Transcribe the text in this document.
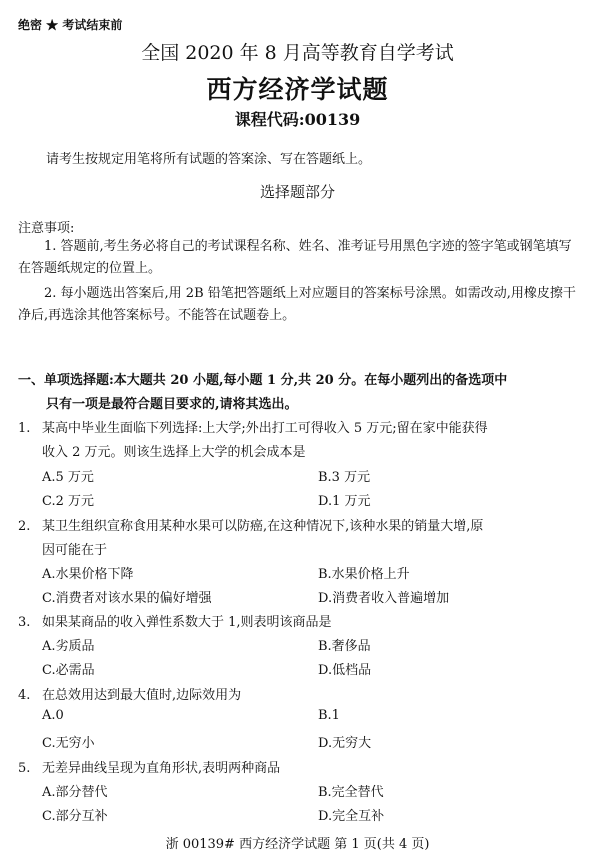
绝密 ★ 考试结束前
全国 2020 年 8 月高等教育自学考试
西方经济学试题
课程代码:00139
请考生按规定用笔将所有试题的答案涂、写在答题纸上。
选择题部分
注意事项:
1. 答题前,考生务必将自己的考试课程名称、姓名、准考证号用黑色字迹的签字笔或钢笔填写在答题纸规定的位置上。
2. 每小题选出答案后,用 2B 铅笔把答题纸上对应题目的答案标号涂黑。如需改动,用橡皮擦干净后,再选涂其他答案标号。不能答在试题卷上。
一、单项选择题:本大题共 20 小题,每小题 1 分,共 20 分。在每小题列出的备选项中
只有一项是最符合题目要求的,请将其选出。
1. 某高中毕业生面临下列选择:上大学;外出打工可得收入 5 万元;留在家中能获得
收入 2 万元。则该生选择上大学的机会成本是
A.5 万元	B.3 万元
C.2 万元	D.1 万元
2. 某卫生组织宣称食用某种水果可以防癌,在这种情况下,该种水果的销量大增,原
因可能在于
A.水果价格下降	B.水果价格上升
C.消费者对该水果的偏好增强	D.消费者收入普遍增加
3. 如果某商品的收入弹性系数大于 1,则表明该商品是
A.劣质品	B.奢侈品
C.必需品	D.低档品
4. 在总效用达到最大值时,边际效用为
A.0	B.1
C.无穷小	D.无穷大
5. 无差异曲线呈现为直角形状,表明两种商品
A.部分替代	B.完全替代
C.部分互补	D.完全互补
浙 00139# 西方经济学试题 第 1 页(共 4 页)
